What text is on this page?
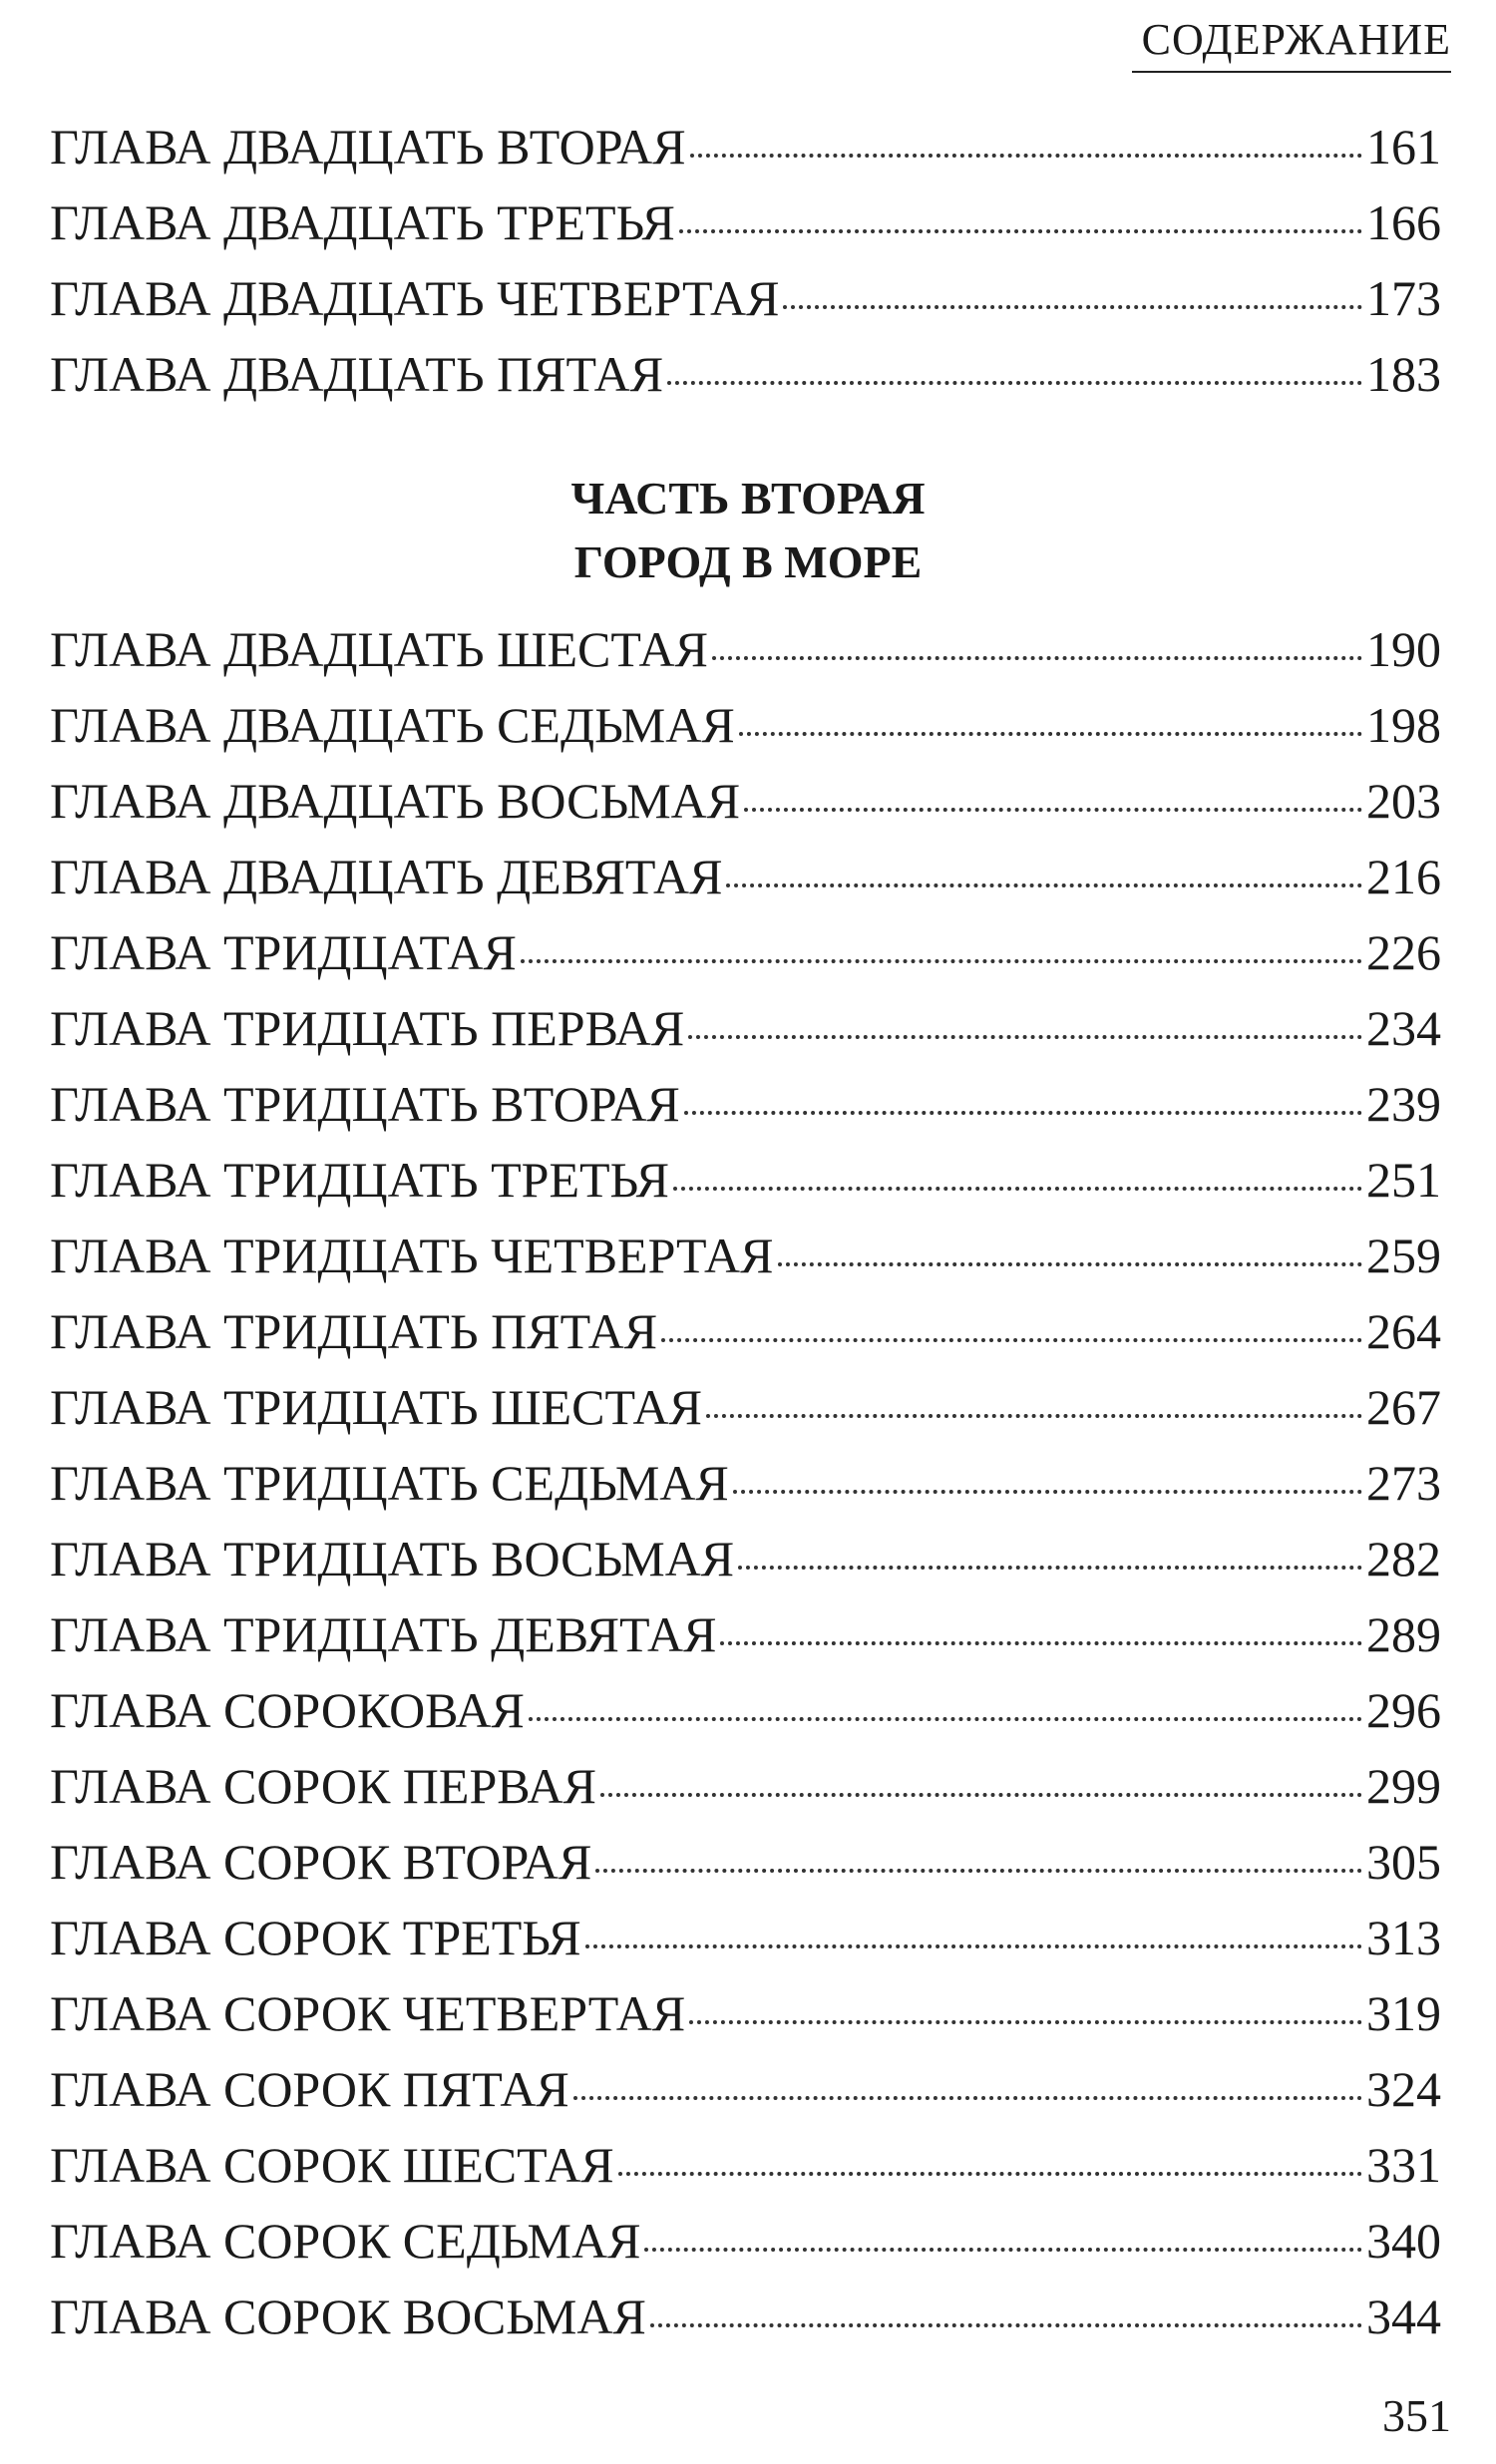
СОДЕРЖАНИЕ
ГЛАВА ДВАДЦАТЬ ВТОРАЯ	161
ГЛАВА ДВАДЦАТЬ ТРЕТЬЯ	166
ГЛАВА ДВАДЦАТЬ ЧЕТВЕРТАЯ	173
ГЛАВА ДВАДЦАТЬ ПЯТАЯ	183
ЧАСТЬ ВТОРАЯ
ГОРОД В МОРЕ
ГЛАВА ДВАДЦАТЬ ШЕСТАЯ	190
ГЛАВА ДВАДЦАТЬ СЕДЬМАЯ	198
ГЛАВА ДВАДЦАТЬ ВОСЬМАЯ	203
ГЛАВА ДВАДЦАТЬ ДЕВЯТАЯ	216
ГЛАВА ТРИДЦАТАЯ	226
ГЛАВА ТРИДЦАТЬ ПЕРВАЯ	234
ГЛАВА ТРИДЦАТЬ ВТОРАЯ	239
ГЛАВА ТРИДЦАТЬ ТРЕТЬЯ	251
ГЛАВА ТРИДЦАТЬ ЧЕТВЕРТАЯ	259
ГЛАВА ТРИДЦАТЬ ПЯТАЯ	264
ГЛАВА ТРИДЦАТЬ ШЕСТАЯ	267
ГЛАВА ТРИДЦАТЬ СЕДЬМАЯ	273
ГЛАВА ТРИДЦАТЬ ВОСЬМАЯ	282
ГЛАВА ТРИДЦАТЬ ДЕВЯТАЯ	289
ГЛАВА СОРОКОВАЯ	296
ГЛАВА СОРОК ПЕРВАЯ	299
ГЛАВА СОРОК ВТОРАЯ	305
ГЛАВА СОРОК ТРЕТЬЯ	313
ГЛАВА СОРОК ЧЕТВЕРТАЯ	319
ГЛАВА СОРОК ПЯТАЯ	324
ГЛАВА СОРОК ШЕСТАЯ	331
ГЛАВА СОРОК СЕДЬМАЯ	340
ГЛАВА СОРОК ВОСЬМАЯ	344
351
